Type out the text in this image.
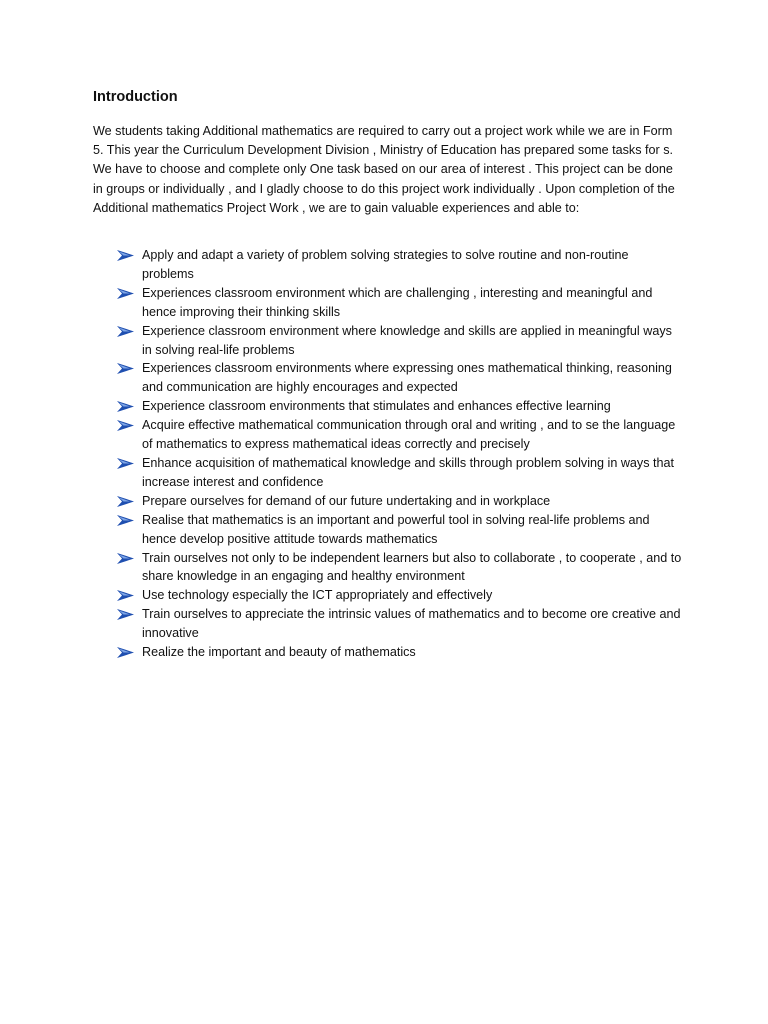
Introduction

We students taking Additional mathematics are required to carry out a project work while we are in Form 5. This year the Curriculum Development Division , Ministry of Education has prepared some tasks for s. We have to choose and complete only One task based on our area of interest . This project can be done in groups or individually , and I gladly choose to do this project work individually . Upon completion of the Additional mathematics Project Work , we are to gain valuable experiences and able to:

Apply and adapt a variety of problem solving strategies to solve routine and non-routine problems
Experiences classroom environment which are challenging , interesting and meaningful and hence improving their thinking skills
Experience classroom environment where knowledge and skills are applied in meaningful ways in solving real-life problems
Experiences classroom environments where expressing ones mathematical thinking, reasoning and communication are highly encourages and expected
Experience classroom environments that stimulates and enhances effective learning
Acquire effective mathematical communication through oral and writing , and to se the language of mathematics to express mathematical ideas correctly and precisely
Enhance acquisition of mathematical knowledge and skills through problem solving in ways that increase interest and confidence
Prepare ourselves for demand of our future undertaking and in workplace
Realise that mathematics is an important and powerful tool in solving real-life problems and hence develop positive attitude towards mathematics
Train ourselves not only to be independent learners but also to collaborate , to cooperate , and to share knowledge in an engaging and healthy environment
Use technology especially the ICT appropriately and effectively
Train ourselves to appreciate the intrinsic values of mathematics and to become ore creative and innovative
Realize the important and beauty of mathematics
